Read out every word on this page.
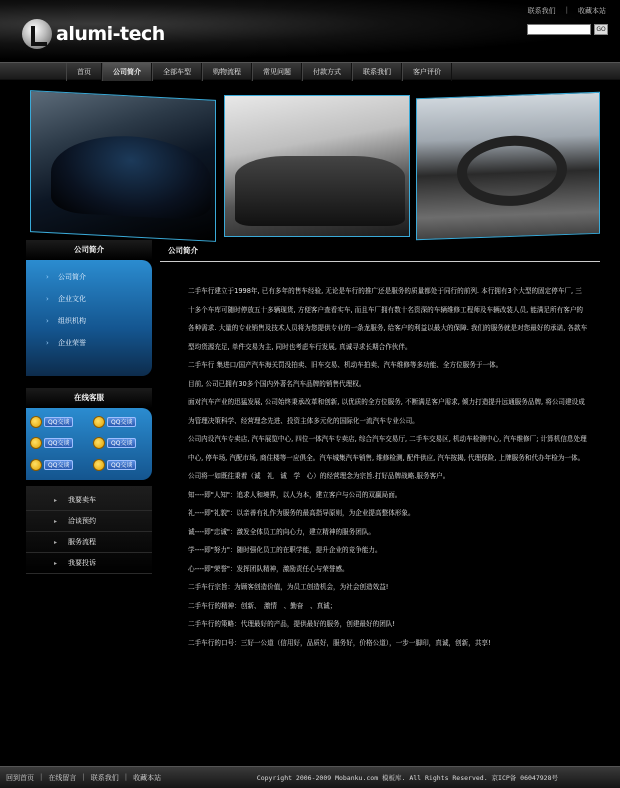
alumi-tech
联系我们 | 收藏本站
GO
首页	公司简介	全部车型	购物流程	常见问题	付款方式	联系我们	客户评价
公司简介
› 公司简介
› 企业文化
› 组织机构
› 企业荣誉
在线客服
QQ交谈	QQ交谈
QQ交谈	QQ交谈
QQ交谈	QQ交谈
▸ 我要卖车
▸ 洽谈预约
▸ 服务流程
▸ 我要投诉
公司简介

二手车行建立于1998年, 已有多年的售车经验, 无论是车行的推广还是服务的质量都处于同行的前列. 本行拥有3个大型的固定停车厂, 三十多个车库可随时停放五十多辆现货, 方便客户查看实车, 而且车厂拥有数十名资深的车辆维修工程师及车辆改装人员, 能满足所有客户的各种需求. 大量的专业销售及技术人员将为您提供专业的一条龙服务, 给客户的利益以最大的保障. 我们的服务就是对您最好的承诺, 各款车型均货源充足, 单件交易为主, 同时也考虑车行发展, 真诚寻求长期合作伙伴。

二手车行 集进口/国产汽车海关罚没拍卖、旧车交易、机动车拍卖、汽车维修等多功能、全方位服务于一体。

目前, 公司已拥有30多个国内外著名汽车品牌的销售代理权。

面对汽车产业的迅猛发展, 公司始终秉承改革和创新, 以优质的全方位服务, 不断满足客户需求, 倾力打造提升远通服务品牌, 将公司建设成为管理决策科学、经营理念先进、投资主体多元化的国际化一流汽车专业公司。

公司内设汽车专卖店, 汽车展览中心, 四位一体汽车专卖店, 综合汽车交易厅, 二手车交易区, 机动车检测中心, 汽车维修厂; 计算机信息处理中心, 停车场, 汽配市场, 商住楼等一应俱全。汽车城集汽车销售, 维修检测, 配件供应, 汽车按揭, 代理保险, 上牌服务和代办年检为一体。

公司将一如既往秉着（诚　礼　诚　学　心）的经营理念为宗旨.打好品牌战略.服务客户。

知----即"人知"：追求人和境界，以人为本，建立客户与公司的双赢局面。

礼----即"礼貌"：以亲善有礼作为服务的最高指导原则，为企业提高整体形象。

诚----即"忠诚"：激发全体员工的向心力，建立精神的服务团队。

学----即"努力"：随时强化员工的在职学能，提升企业的竞争能力。

心----即"荣誉"：发挥团队精神，激励责任心与荣誉感。

二手车行宗旨：为顾客创造价值，为员工创造机会，为社会创造效益!

二手车行的精神：创新、　激情　、勤奋　、真诚；

二手车行的策略：代理最好的产品，提供最好的服务，创建最好的团队!

二手车行的口号：三好一公道（信用好，品质好，服务好，价格公道），一步一脚印，真诚，创新，共享!

回到首页 | 在线留言 | 联系我们 | 收藏本站	Copyright 2006-2009 Mobanku.com 模板库. All Rights Reserved. 京ICP备 06047928号
